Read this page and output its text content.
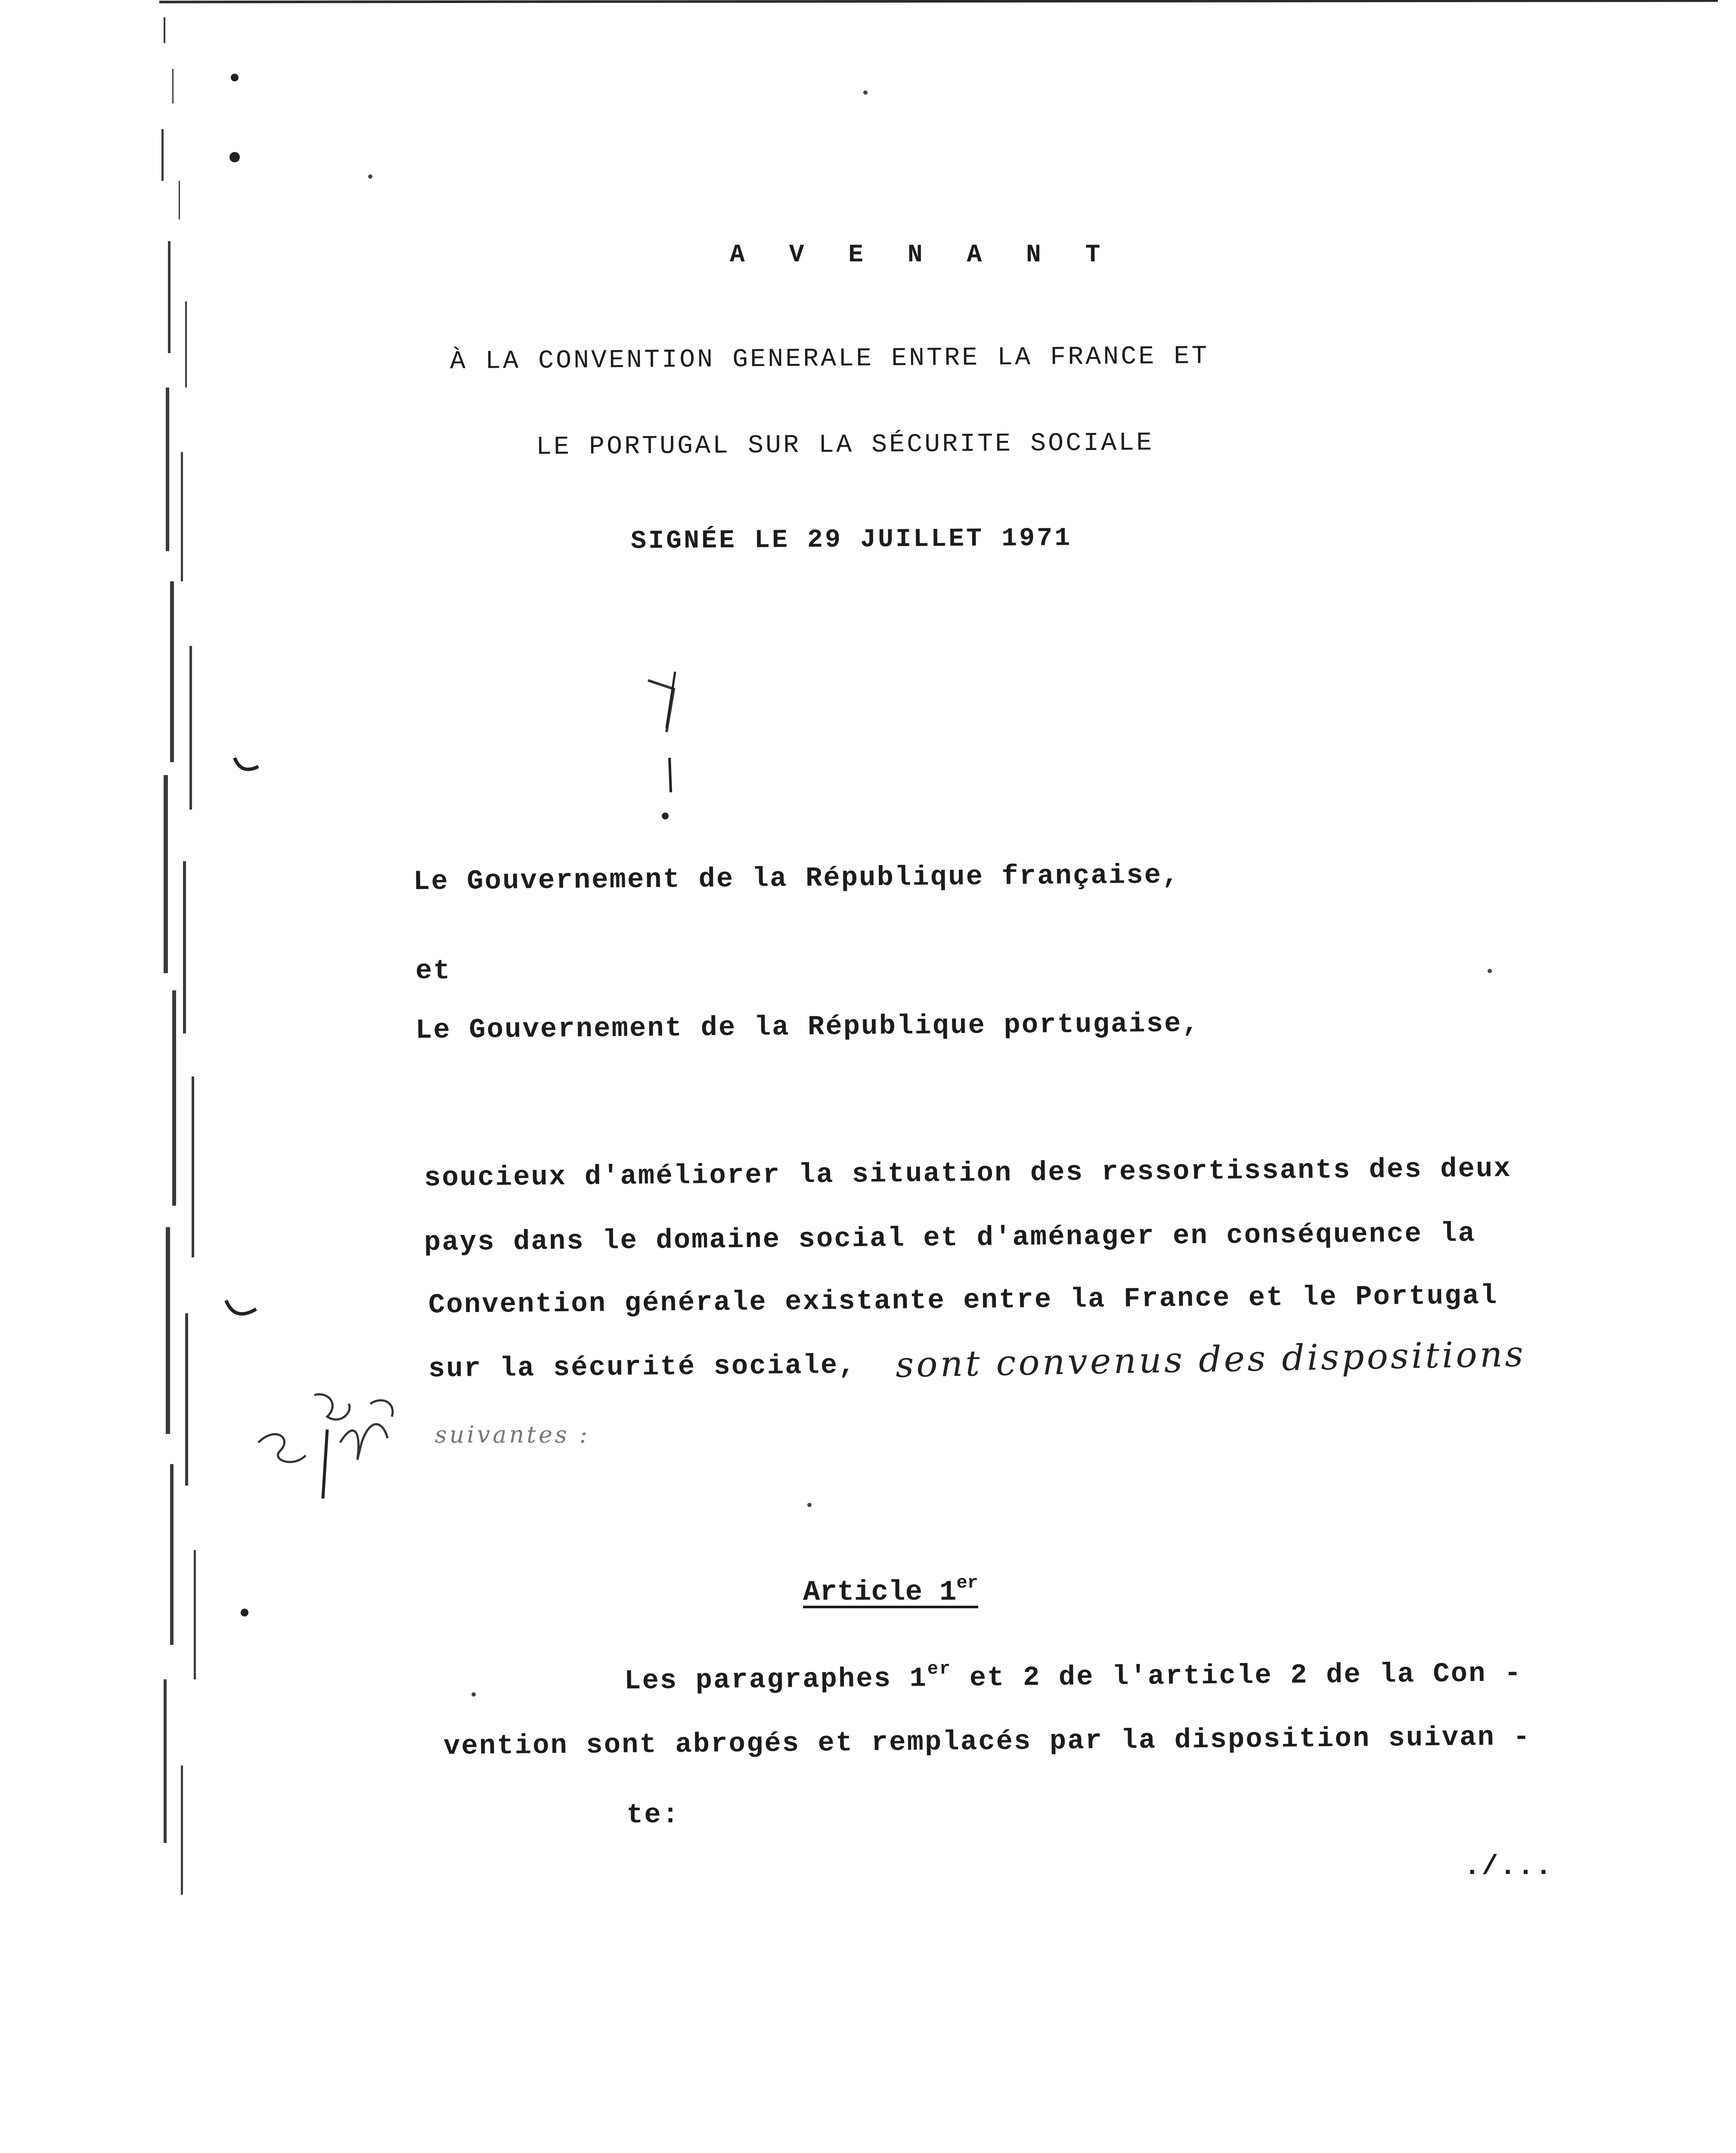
A V E N A N T
À LA CONVENTION GENERALE ENTRE LA FRANCE ET
LE PORTUGAL SUR LA SÉCURITE SOCIALE
SIGNÉE LE 29 JUILLET 1971
Le Gouvernement de la République française,
et
Le Gouvernement de la République portugaise,
soucieux d'améliorer la situation des ressortissants des deux
pays dans le domaine social et d'aménager en conséquence la
Convention générale existante entre la France et le Portugal
sur la sécurité sociale, sont convenus des dispositions
suivantes :
Article 1er
Les paragraphes 1er et 2 de l'article 2 de la Con -
vention sont abrogés et remplacés par la disposition suivan -
te:
./...
